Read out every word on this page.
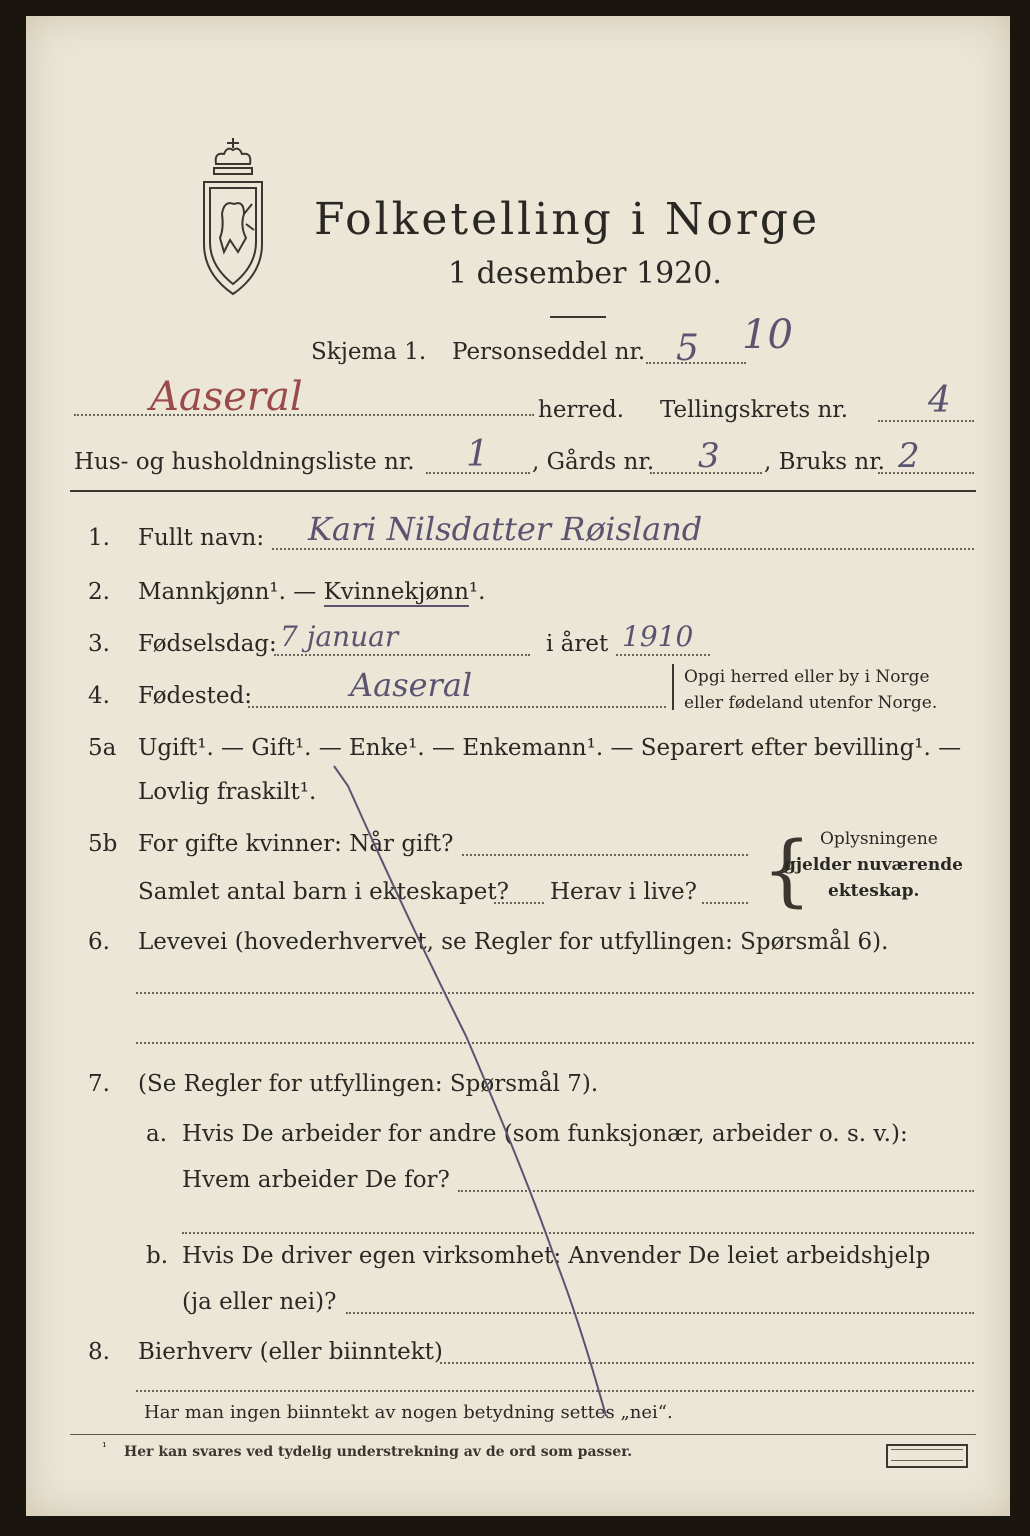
Folketelling i Norge
1 desember 1920.
Skjema 1. Personseddel nr. 5 10
Aaseral	herred. Tellingskrets nr. 4
Hus- og husholdningsliste nr. 1 , Gårds nr. 3 , Bruks nr. 2
1. Fullt navn: Kari Nilsdatter Røisland
2. Mannkjønn¹. — Kvinnekjønn¹.
3. Fødselsdag: 7 januar	i året 1910
4. Fødested:	Aaseral	Opgi herred eller by i Norge
eller fødeland utenfor Norge.
5a Ugift¹. — Gift¹. — Enke¹. — Enkemann¹. — Separert efter bevilling¹. —
Lovlig fraskilt¹.
5b For gifte kvinner: Når gift?
Samlet antal barn i ekteskapet? Herav i live? { Oplysningene
gjelder nuværende
ekteskap.
6. Levevei (hovederhvervet, se Regler for utfyllingen: Spørsmål 6).
7. (Se Regler for utfyllingen: Spørsmål 7).
a. Hvis De arbeider for andre (som funksjonær, arbeider o. s. v.):
Hvem arbeider De for?
b. Hvis De driver egen virksomhet: Anvender De leiet arbeidshjelp
(ja eller nei)?
8. Bierhverv (eller biinntekt)
Har man ingen biinntekt av nogen betydning settes „nei“.
¹ Her kan svares ved tydelig understrekning av de ord som passer.
